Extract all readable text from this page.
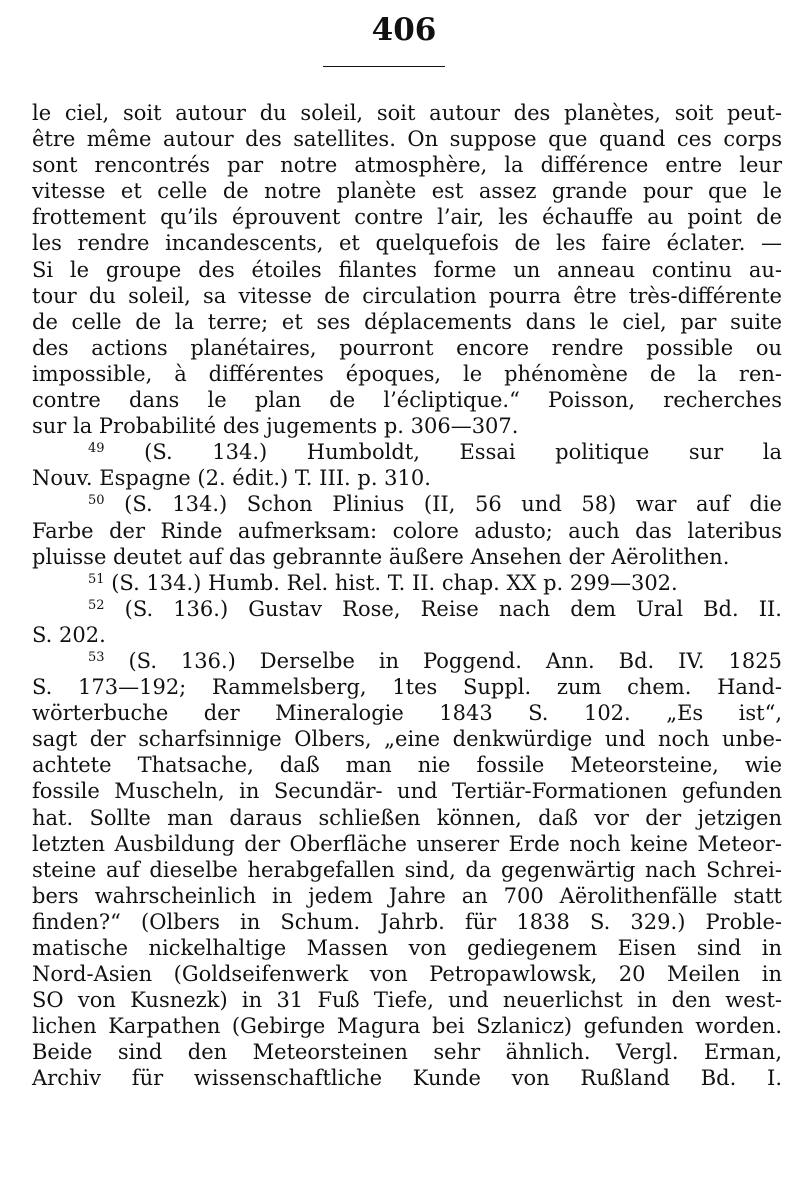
406
le ciel, soit autour du soleil, soit autour des planètes, soit peut-
être même autour des satellites. On suppose que quand ces corps
sont rencontrés par notre atmosphère, la différence entre leur
vitesse et celle de notre planète est assez grande pour que le
frottement qu’ils éprouvent contre l’air, les échauffe au point de
les rendre incandescents, et quelquefois de les faire éclater. —
Si le groupe des étoiles filantes forme un anneau continu au-
tour du soleil, sa vitesse de circulation pourra être très-différente
de celle de la terre; et ses déplacements dans le ciel, par suite
des actions planétaires, pourront encore rendre possible ou
impossible, à différentes époques, le phénomène de la ren-
contre dans le plan de l’écliptique.“ Poisson, recherches
sur la Probabilité des jugements p. 306—307.
$^{49}$ (S. 134.) Humboldt, Essai politique sur la
Nouv. Espagne (2. édit.) T. III. p. 310.
$^{50}$ (S. 134.) Schon Plinius (II, 56 und 58) war auf die
Farbe der Rinde aufmerksam: colore adusto; auch das lateribus
pluisse deutet auf das gebrannte äußere Ansehen der Aërolithen.
$^{51}$ (S. 134.) Humb. Rel. hist. T. II. chap. XX p. 299—302.
$^{52}$ (S. 136.) Gustav Rose, Reise nach dem Ural Bd. II.
S. 202.
$^{53}$ (S. 136.) Derselbe in Poggend. Ann. Bd. IV. 1825
S. 173—192; Rammelsberg, 1tes Suppl. zum chem. Hand-
wörterbuche der Mineralogie 1843 S. 102. „Es ist“,
sagt der scharfsinnige Olbers, „eine denkwürdige und noch unbe-
achtete Thatsache, daß man nie fossile Meteorsteine, wie
fossile Muscheln, in Secundär- und Tertiär-Formationen gefunden
hat. Sollte man daraus schließen können, daß vor der jetzigen
letzten Ausbildung der Oberfläche unserer Erde noch keine Meteor-
steine auf dieselbe herabgefallen sind, da gegenwärtig nach Schrei-
bers wahrscheinlich in jedem Jahre an 700 Aërolithenfälle statt
finden?“ (Olbers in Schum. Jahrb. für 1838 S. 329.) Proble-
matische nickelhaltige Massen von gediegenem Eisen sind in
Nord-Asien (Goldseifenwerk von Petropawlowsk, 20 Meilen in
SO von Kusnezk) in 31 Fuß Tiefe, und neuerlichst in den west-
lichen Karpathen (Gebirge Magura bei Szlanicz) gefunden worden.
Beide sind den Meteorsteinen sehr ähnlich. Vergl. Erman,
Archiv für wissenschaftliche Kunde von Rußland Bd. I.
